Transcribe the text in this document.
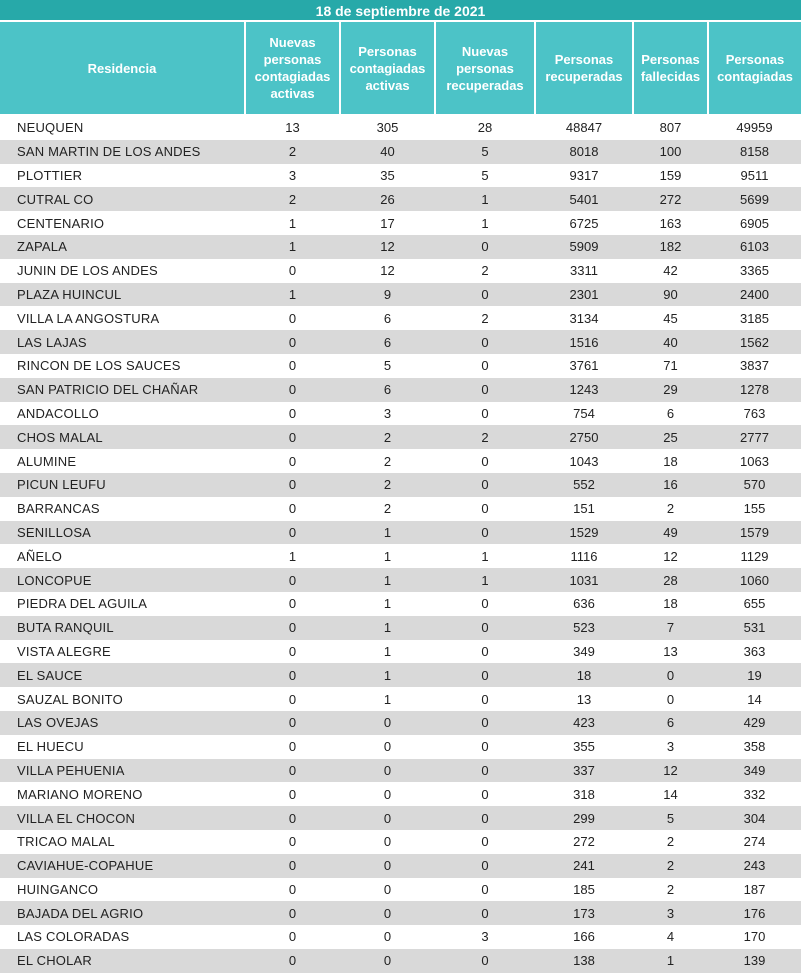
18 de septiembre de 2021
Residencia	Nuevas personas contagiadas activas	Personas contagiadas activas	Nuevas personas recuperadas	Personas recuperadas	Personas fallecidas	Personas contagiadas
NEUQUEN	13	305	28	48847	807	49959
SAN MARTIN DE LOS ANDES	2	40	5	8018	100	8158
PLOTTIER	3	35	5	9317	159	9511
CUTRAL CO	2	26	1	5401	272	5699
CENTENARIO	1	17	1	6725	163	6905
ZAPALA	1	12	0	5909	182	6103
JUNIN DE LOS ANDES	0	12	2	3311	42	3365
PLAZA HUINCUL	1	9	0	2301	90	2400
VILLA LA ANGOSTURA	0	6	2	3134	45	3185
LAS LAJAS	0	6	0	1516	40	1562
RINCON DE LOS SAUCES	0	5	0	3761	71	3837
SAN PATRICIO DEL CHAÑAR	0	6	0	1243	29	1278
ANDACOLLO	0	3	0	754	6	763
CHOS MALAL	0	2	2	2750	25	2777
ALUMINE	0	2	0	1043	18	1063
PICUN LEUFU	0	2	0	552	16	570
BARRANCAS	0	2	0	151	2	155
SENILLOSA	0	1	0	1529	49	1579
AÑELO	1	1	1	1116	12	1129
LONCOPUE	0	1	1	1031	28	1060
PIEDRA DEL AGUILA	0	1	0	636	18	655
BUTA RANQUIL	0	1	0	523	7	531
VISTA ALEGRE	0	1	0	349	13	363
EL SAUCE	0	1	0	18	0	19
SAUZAL BONITO	0	1	0	13	0	14
LAS OVEJAS	0	0	0	423	6	429
EL HUECU	0	0	0	355	3	358
VILLA PEHUENIA	0	0	0	337	12	349
MARIANO MORENO	0	0	0	318	14	332
VILLA EL CHOCON	0	0	0	299	5	304
TRICAO MALAL	0	0	0	272	2	274
CAVIAHUE-COPAHUE	0	0	0	241	2	243
HUINGANCO	0	0	0	185	2	187
BAJADA DEL AGRIO	0	0	0	173	3	176
LAS COLORADAS	0	0	3	166	4	170
EL CHOLAR	0	0	0	138	1	139
